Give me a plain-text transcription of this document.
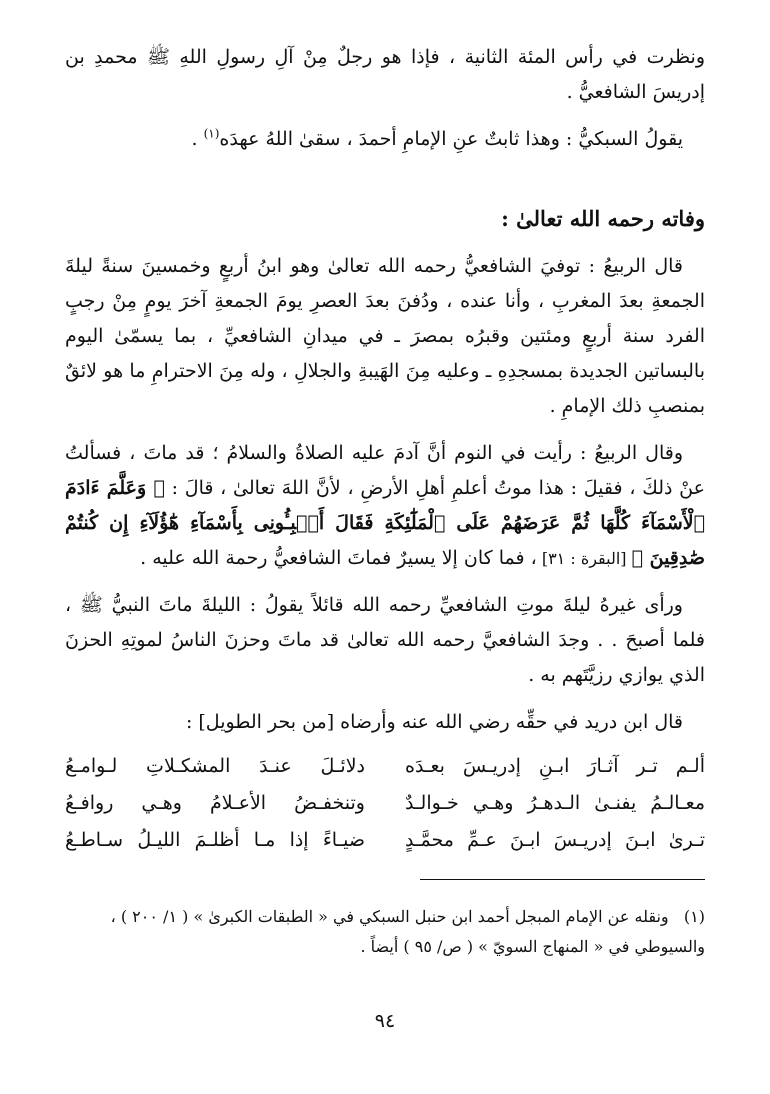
ونظرت في رأس المئة الثانية ، فإذا هو رجلٌ مِنْ آلِ رسولِ اللهِ ﷺ محمدِ بن إدريسَ الشافعيُّ .

يقولُ السبكيُّ : وهذا ثابتٌ عنِ الإمامِ أحمدَ ، سقىٰ اللهُ عهدَه$^{(١)}$ .

وفاته رحمه الله تعالىٰ :

قال الربيعُ : توفيَ الشافعيُّ رحمه الله تعالىٰ وهو ابنُ أربعٍ وخمسينَ سنةً ليلةَ الجمعةِ بعدَ المغربِ ، وأنا عنده ، ودُفنَ بعدَ العصرِ يومَ الجمعةِ آخرَ يومٍ مِنْ رجبٍ الفرد سنة أربعٍ ومئتين وقبرُه بمصرَ ـ في ميدانِ الشافعيِّ ، بما يسمّىٰ اليوم بالبساتين الجديدة بمسجدِهِ ـ وعليه مِنَ الهَيبةِ والجلالِ ، وله مِنَ الاحترامِ ما هو لائقٌ بمنصبِ ذلك الإمامِ .

وقال الربيعُ : رأيت في النوم أنَّ آدمَ عليه الصلاةُ والسلامُ ؛ قد ماتَ ، فسألتُ عنْ ذلكَ ، فقيلَ : هذا موتُ أعلمِ أهلِ الأرضِ ، لأنَّ اللهَ تعالىٰ ، قالَ : ﴿ وَعَلَّمَ ءَادَمَ ٱلْأَسْمَآءَ كُلَّهَا ثُمَّ عَرَضَهُمْ عَلَى ٱلْمَلَٰٓئِكَةِ فَقَالَ أَنۢبِـُٔونِى بِأَسْمَآءِ هَٰٓؤُلَآءِ إِن كُنتُمْ صَٰدِقِينَ ﴾ [البقرة : ٣١] ، فما كان إلا يسيرٌ فماتَ الشافعيُّ رحمة الله عليه .

ورأى غيرهُ ليلةَ موتِ الشافعيِّ رحمه الله قائلاً يقولُ : الليلةَ ماتَ النبيُّ ﷺ ، فلما أصبحَ . . وجدَ الشافعيَّ رحمه الله تعالىٰ قد ماتَ وحزنَ الناسُ لموتِهِ الحزنَ الذي يوازي رزيَّتَهم به .

قال ابن دريد في حقِّه رضي الله عنه وأرضاه [من بحر الطويل] :

ألـم تـر آثـارَ ابـنِ إدريـسَ بعـدَه
دلائـلَ عنـدَ المشكـلاتِ لـوامـعُ
معـالـمُ يفنـىٰ الـدهـرُ وهـي خـوالـدٌ
وتنخفـضُ الأعـلامُ وهـي روافـعُ
تـرىٰ ابـنَ إدريـسَ ابـنَ عـمِّ محمَّـدٍ
ضيـاءً إذا مـا أظلـمَ الليـلُ سـاطـعُ

(١)   ونقله عن الإمام المبجل أحمد ابن حنبل السبكي في « الطبقات الكبرىٰ » ( ١/ ٢٠٠ ) ، والسيوطي في « المنهاج السويّ » ( ص/ ٩٥ ) أيضاً .

٩٤
